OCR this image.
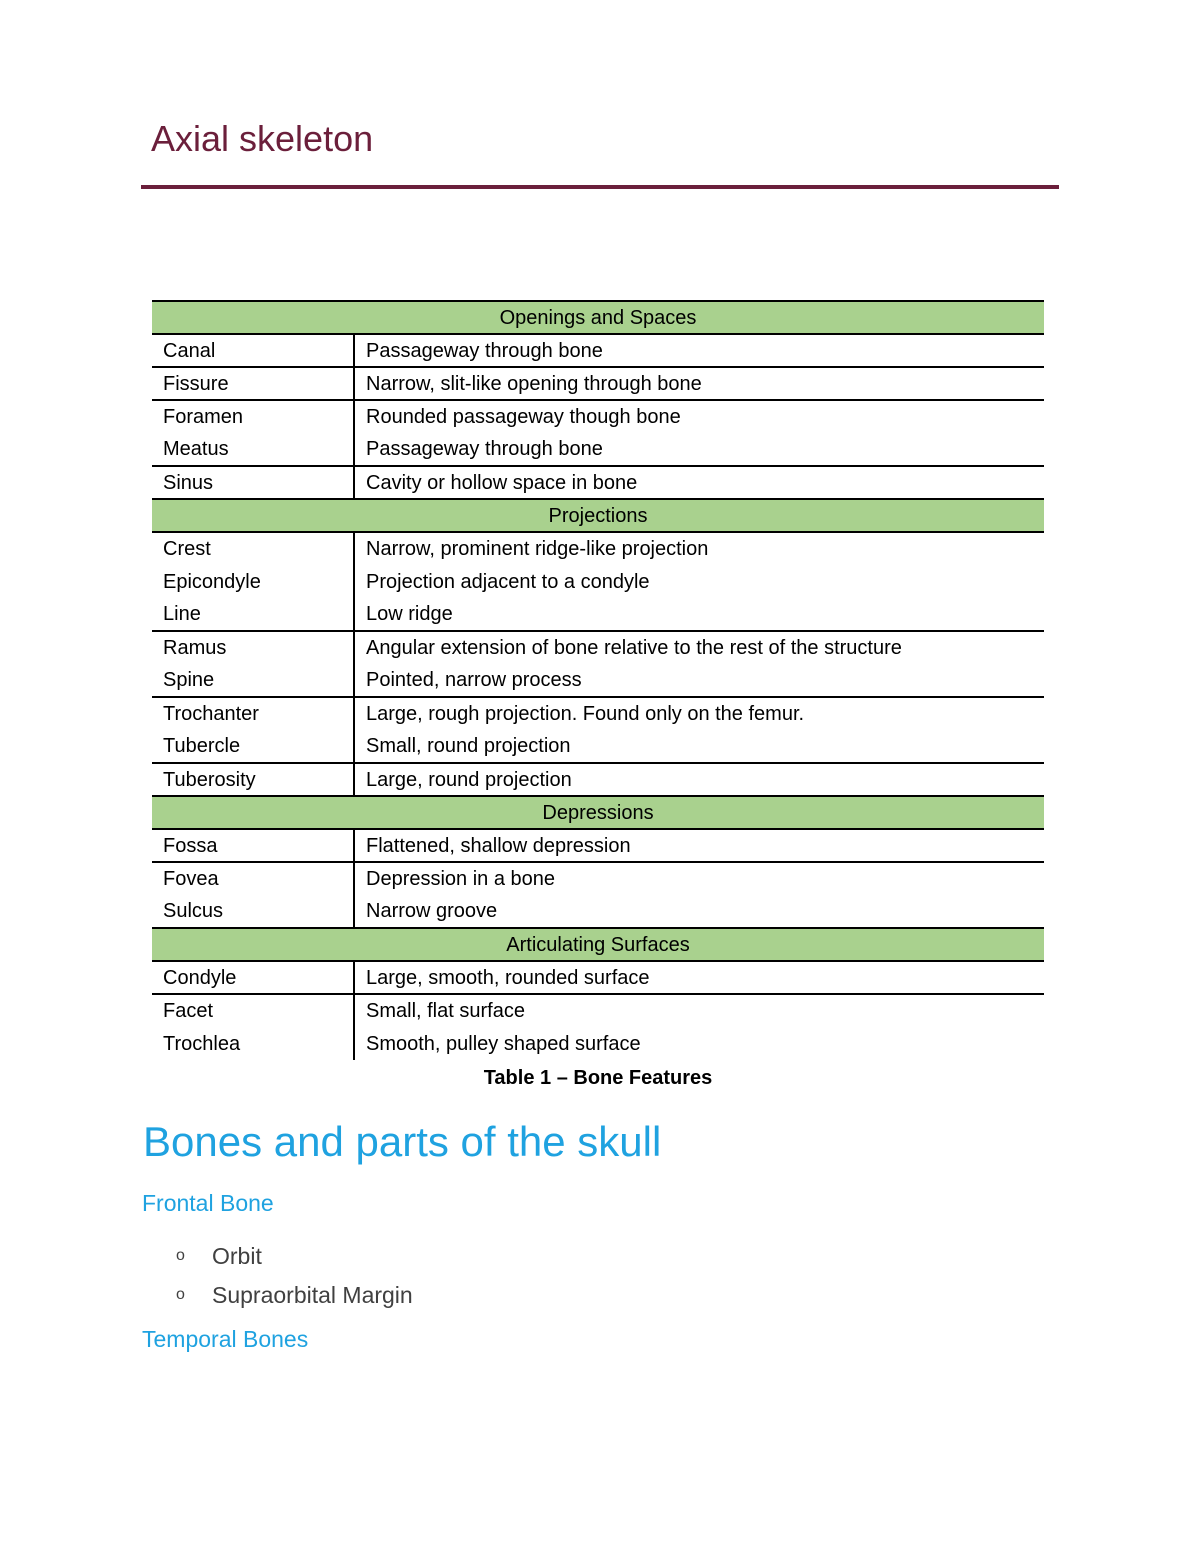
Axial skeleton
Openings and Spaces	
Canal	Passageway through bone
Fissure	Narrow, slit-like opening through bone
Foramen	Rounded passageway though bone
Meatus	Passageway through bone
Sinus	Cavity or hollow space in bone
Projections	
Crest	Narrow, prominent ridge-like projection
Epicondyle	Projection adjacent to a condyle
Line	Low ridge
Ramus	Angular extension of bone relative to the rest of the structure
Spine	Pointed, narrow process
Trochanter	Large, rough projection. Found only on the femur.
Tubercle	Small, round projection
Tuberosity	Large, round projection
Depressions	
Fossa	Flattened, shallow depression
Fovea	Depression in a bone
Sulcus	Narrow groove
Articulating Surfaces	
Condyle	Large, smooth, rounded surface
Facet	Small, flat surface
Trochlea	Smooth, pulley shaped surface
Table 1 – Bone Features
Bones and parts of the skull
Frontal Bone
o	Orbit
o	Supraorbital Margin
Temporal Bones
